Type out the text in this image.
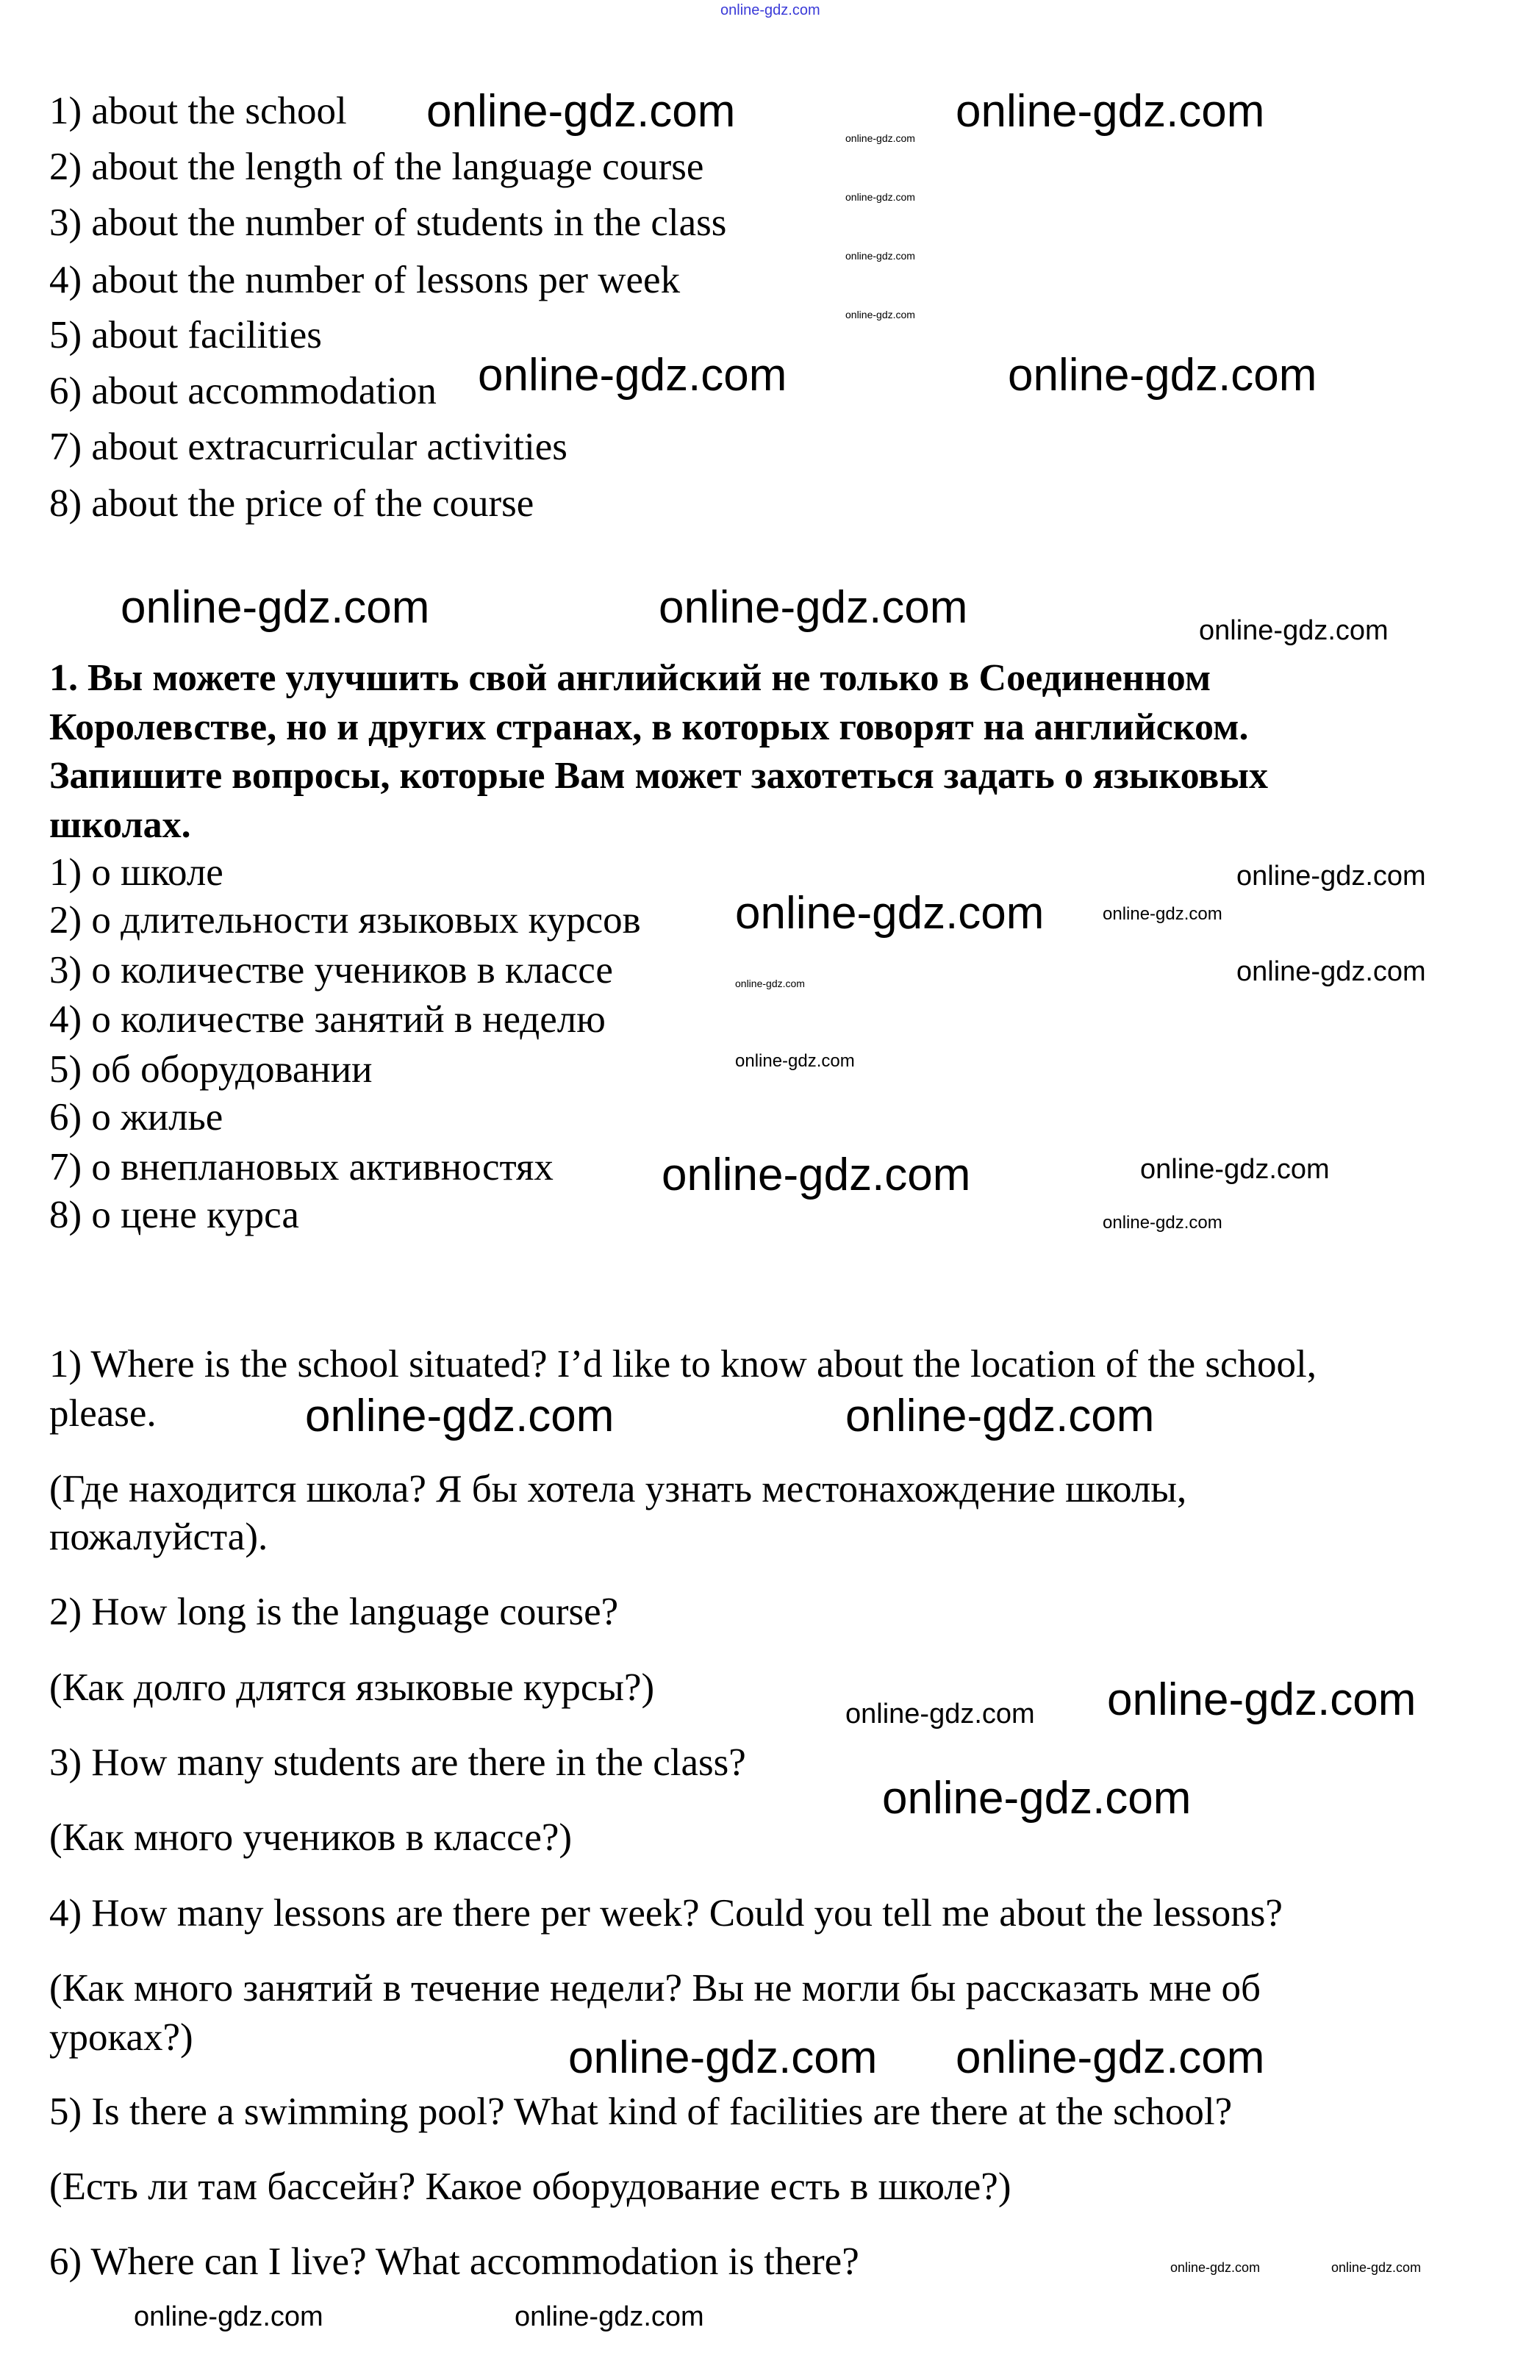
1) about the school
2) about the length of the language course
3) about the number of students in the class
4) about the number of lessons per week
5) about facilities
6) about accommodation
7) about extracurricular activities
8) about the price of the course
1. Вы можете улучшить свой английский не только в Соединенном
Королевстве, но и других странах, в которых говорят на английском.
Запишите вопросы, которые Вам может захотеться задать о языковых
школах.
1) о школе
2) о длительности языковых курсов
3) о количестве учеников в классе
4) о количестве занятий в неделю
5) об оборудовании
6) о жилье
7) о внеплановых активностях
8) о цене курса
1) Where is the school situated? I’d like to know about the location of the school,
please.
(Где находится школа? Я бы хотела узнать местонахождение школы,
пожалуйста).
2) How long is the language course?
(Как долго длятся языковые курсы?)
3) How many students are there in the class?
(Как много учеников в классе?)
4) How many lessons are there per week? Could you tell me about the lessons?
(Как много занятий в течение недели? Вы не могли бы рассказать мне об
уроках?)
5) Is there a swimming pool? What kind of facilities are there at the school?
(Есть ли там бассейн? Какое оборудование есть в школе?)
6) Where can I live? What accommodation is there?
online-gdz.com
online-gdz.com	online-gdz.com
online-gdz.com	online-gdz.com
online-gdz.com	online-gdz.com
online-gdz.com
online-gdz.com
online-gdz.com	online-gdz.com
online-gdz.com
online-gdz.com
online-gdz.com online-gdz.com
online-gdz.com
online-gdz.com
online-gdz.com
online-gdz.com
online-gdz.com
online-gdz.com	online-gdz.com
online-gdz.com
online-gdz.com
online-gdz.com
online-gdz.com
online-gdz.com
online-gdz.com
online-gdz.com
online-gdz.com
online-gdz.com	online-gdz.com
